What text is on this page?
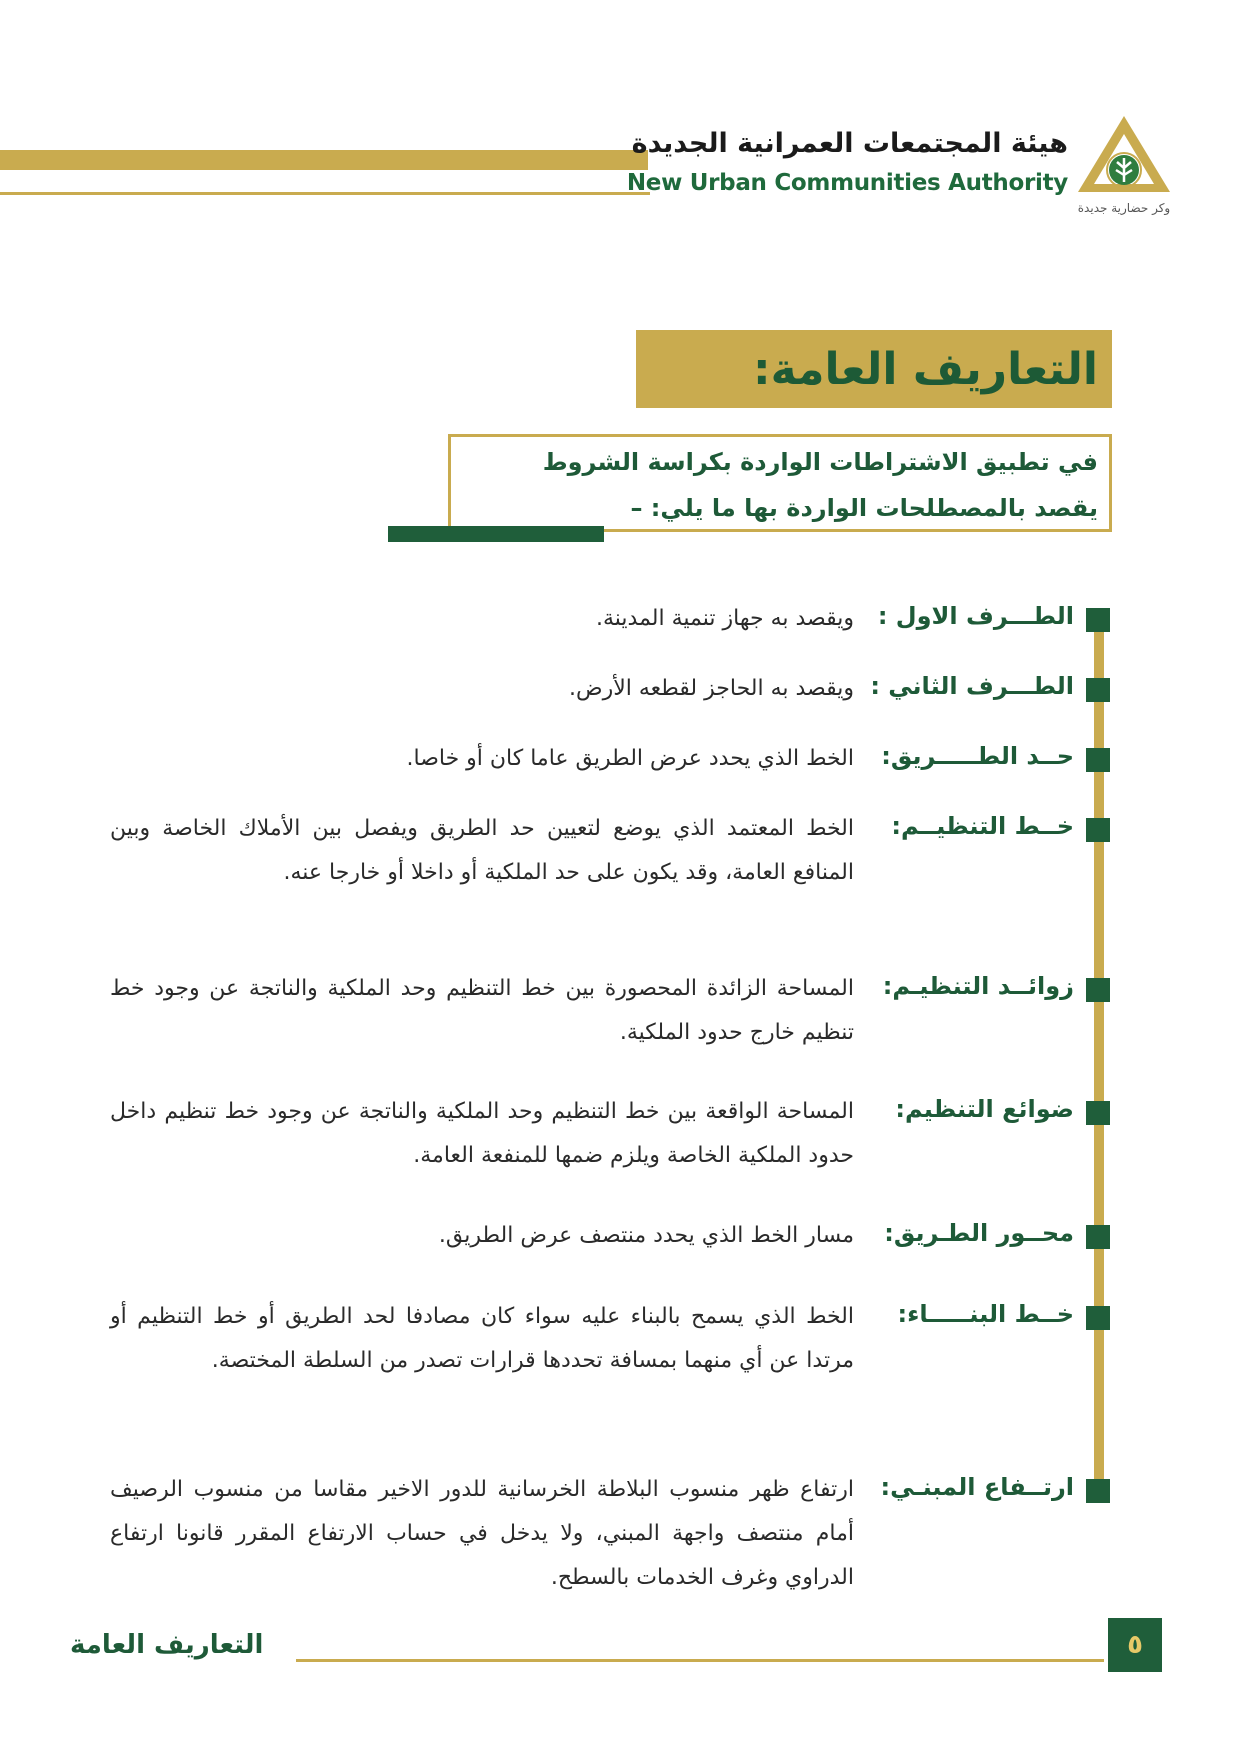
هيئة المجتمعات العمرانية الجديدة
New Urban Communities Authority
وكر حضارية جديدة
التعاريف العامة:
في تطبيق الاشتراطات الواردة بكراسة الشروط
يقصد بالمصطلحات الواردة بها ما يلي: –
الطـــرف الاول :
ويقصد به جهاز تنمية المدينة.
الطـــرف الثاني :
ويقصد به الحاجز لقطعه الأرض.
حــد الطـــــريق:
الخط الذي يحدد عرض الطريق عاما كان أو خاصا.
خــط التنظيــم:
الخط المعتمد الذي يوضع لتعيين حد الطريق ويفصل بين الأملاك الخاصة وبين المنافع العامة، وقد يكون على حد الملكية أو داخلا أو خارجا عنه.
زوائــد التنظيـم:
المساحة الزائدة المحصورة بين خط التنظيم وحد الملكية والناتجة عن وجود خط تنظيم خارج حدود الملكية.
ضوائع التنظيم:
المساحة الواقعة بين خط التنظيم وحد الملكية والناتجة عن وجود خط تنظيم داخل حدود الملكية الخاصة ويلزم ضمها للمنفعة العامة.
محــور الطـريق:
مسار الخط الذي يحدد منتصف عرض الطريق.
خــط البنـــــاء:
الخط الذي يسمح بالبناء عليه سواء كان مصادفا لحد الطريق أو خط التنظيم أو مرتدا عن أي منهما بمسافة تحددها قرارات تصدر من السلطة المختصة.
ارتــفاع المبنـي:
ارتفاع ظهر منسوب البلاطة الخرسانية للدور الاخير مقاسا من منسوب الرصيف أمام منتصف واجهة المبني، ولا يدخل في حساب الارتفاع المقرر قانونا ارتفاع الدراوي وغرف الخدمات بالسطح.
٥
التعاريف العامة
